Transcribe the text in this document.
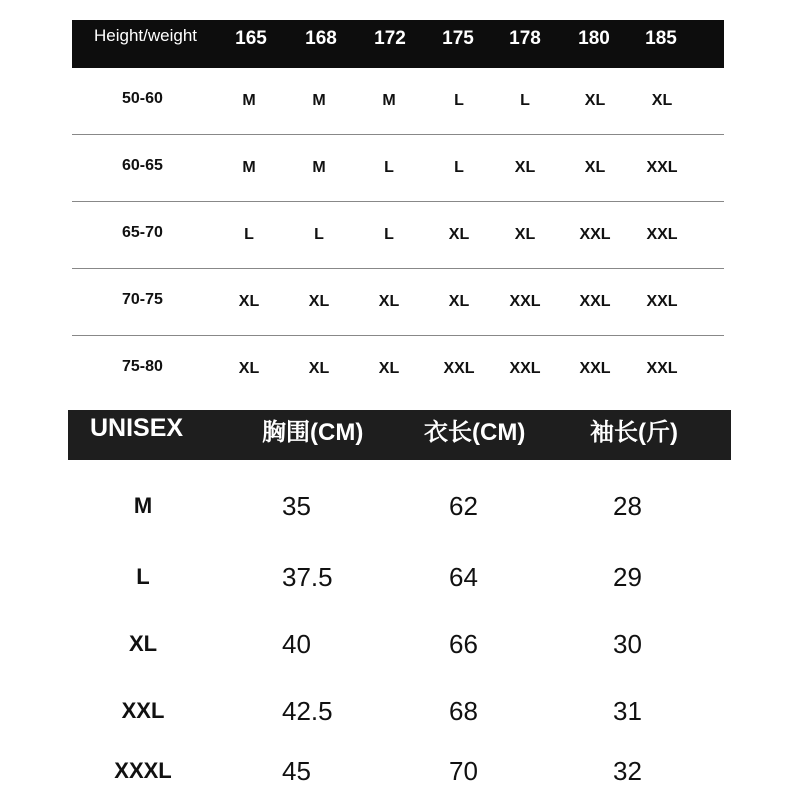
Height/weight 165 168 172 175 178 180 185
50-60	M	M	M	L	L	XL	XL
60-65	M	M	L	L	XL	XL	XXL
65-70	L	L	L	XL	XL	XXL XXL
70-75	XL	XL	XL	XL	XXL XXL XXL
75-80	XL	XL	XL	XXL XXL XXL XXL
UNISEX	胸围(CM)	衣长(CM)	袖长(斤)
M	35	62	28
L	37.5	64	29
XL	40	66	30
XXL	42.5	68	31
XXXL	45	70	32
